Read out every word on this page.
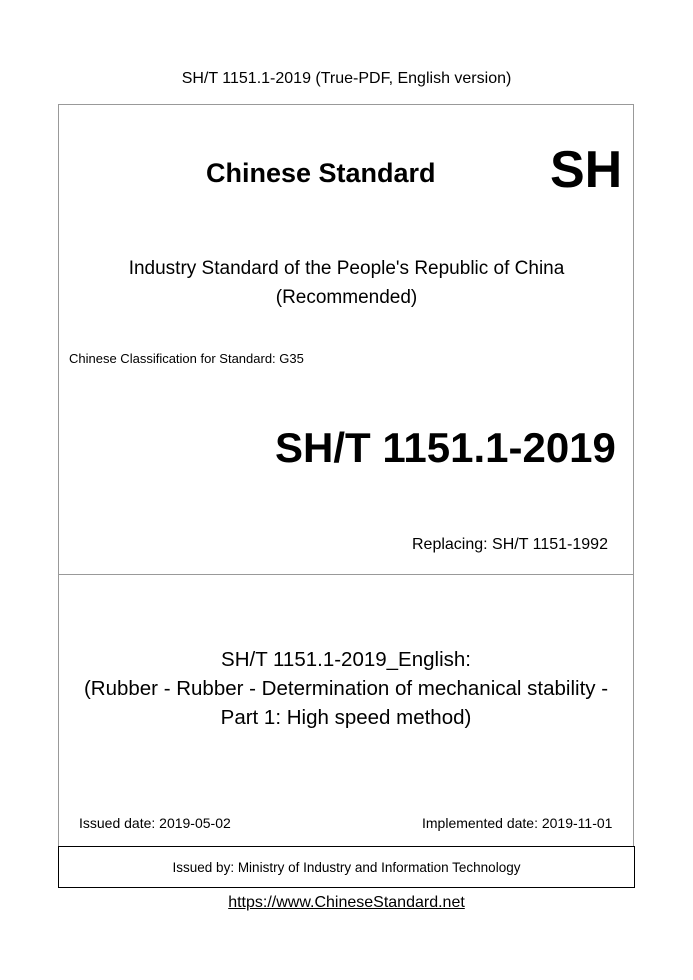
SH/T 1151.1-2019 (True-PDF, English version)
Chinese Standard SH
Industry Standard of the People's Republic of China
(Recommended)
Chinese Classification for Standard: G35
SH/T 1151.1-2019
Replacing: SH/T 1151-1992
SH/T 1151.1-2019_English:
(Rubber - Rubber - Determination of mechanical stability -
Part 1: High speed method)
Issued date: 2019-05-02	Implemented date: 2019-11-01
Issued by: Ministry of Industry and Information Technology
https://www.ChineseStandard.net
